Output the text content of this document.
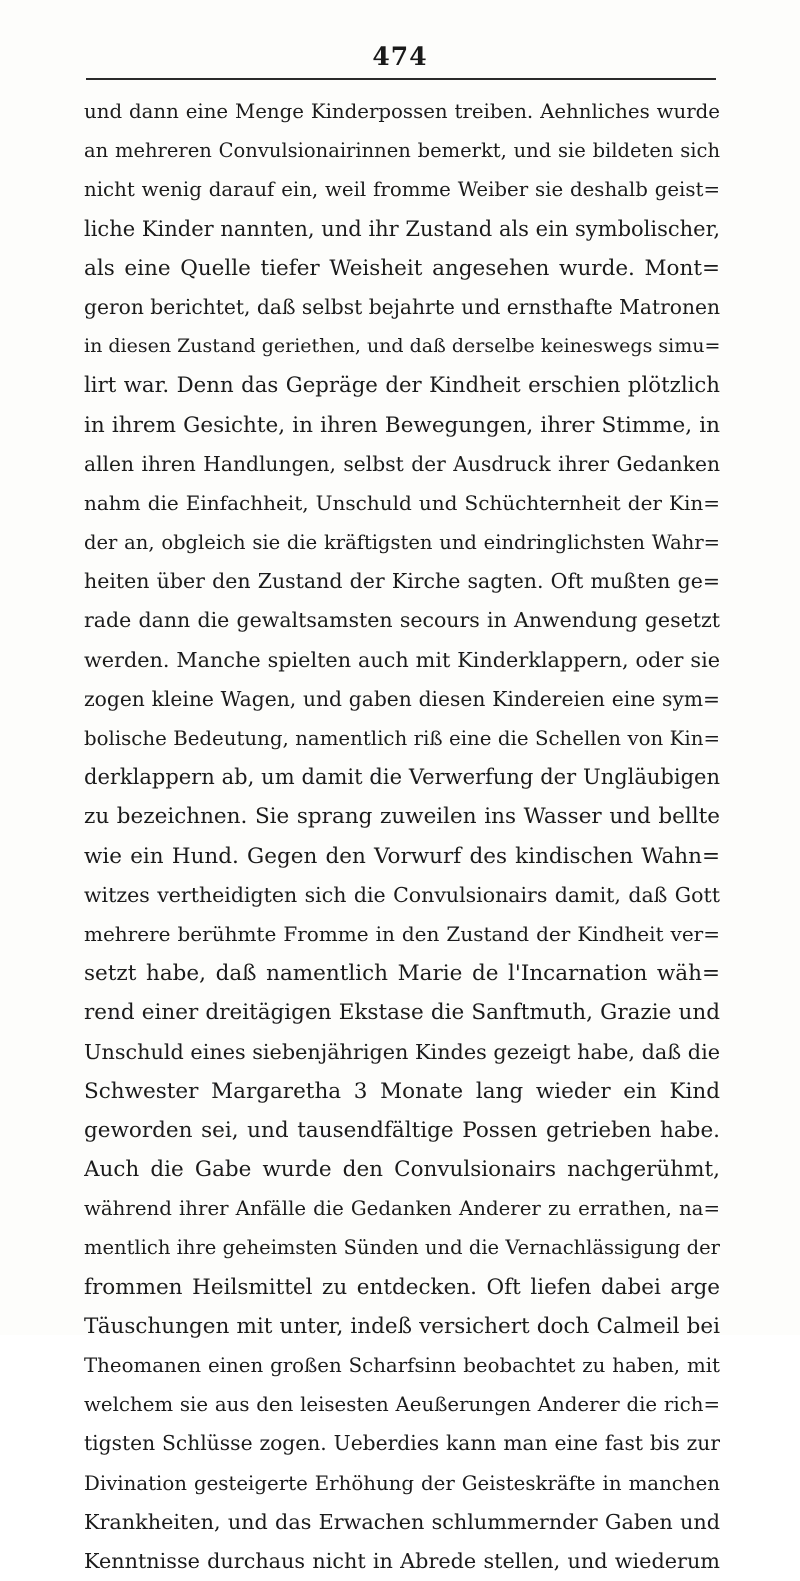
474
und dann eine Menge Kinderpossen treiben. Aehnliches wurde
an mehreren Convulsionairinnen bemerkt, und sie bildeten sich
nicht wenig darauf ein, weil fromme Weiber sie deshalb geist=
liche Kinder nannten, und ihr Zustand als ein symbolischer,
als eine Quelle tiefer Weisheit angesehen wurde. Mont=
geron berichtet, daß selbst bejahrte und ernsthafte Matronen
in diesen Zustand geriethen, und daß derselbe keineswegs simu=
lirt war. Denn das Gepräge der Kindheit erschien plötzlich
in ihrem Gesichte, in ihren Bewegungen, ihrer Stimme, in
allen ihren Handlungen, selbst der Ausdruck ihrer Gedanken
nahm die Einfachheit, Unschuld und Schüchternheit der Kin=
der an, obgleich sie die kräftigsten und eindringlichsten Wahr=
heiten über den Zustand der Kirche sagten. Oft mußten ge=
rade dann die gewaltsamsten secours in Anwendung gesetzt
werden. Manche spielten auch mit Kinderklappern, oder sie
zogen kleine Wagen, und gaben diesen Kindereien eine sym=
bolische Bedeutung, namentlich riß eine die Schellen von Kin=
derklappern ab, um damit die Verwerfung der Ungläubigen
zu bezeichnen. Sie sprang zuweilen ins Wasser und bellte
wie ein Hund. Gegen den Vorwurf des kindischen Wahn=
witzes vertheidigten sich die Convulsionairs damit, daß Gott
mehrere berühmte Fromme in den Zustand der Kindheit ver=
setzt habe, daß namentlich Marie de l'Incarnation wäh=
rend einer dreitägigen Ekstase die Sanftmuth, Grazie und
Unschuld eines siebenjährigen Kindes gezeigt habe, daß die
Schwester Margaretha 3 Monate lang wieder ein Kind
geworden sei, und tausendfältige Possen getrieben habe.
Auch die Gabe wurde den Convulsionairs nachgerühmt,
während ihrer Anfälle die Gedanken Anderer zu errathen, na=
mentlich ihre geheimsten Sünden und die Vernachlässigung der
frommen Heilsmittel zu entdecken. Oft liefen dabei arge
Täuschungen mit unter, indeß versichert doch Calmeil bei
Theomanen einen großen Scharfsinn beobachtet zu haben, mit
welchem sie aus den leisesten Aeußerungen Anderer die rich=
tigsten Schlüsse zogen. Ueberdies kann man eine fast bis zur
Divination gesteigerte Erhöhung der Geisteskräfte in manchen
Krankheiten, und das Erwachen schlummernder Gaben und
Kenntnisse durchaus nicht in Abrede stellen, und wiederum
